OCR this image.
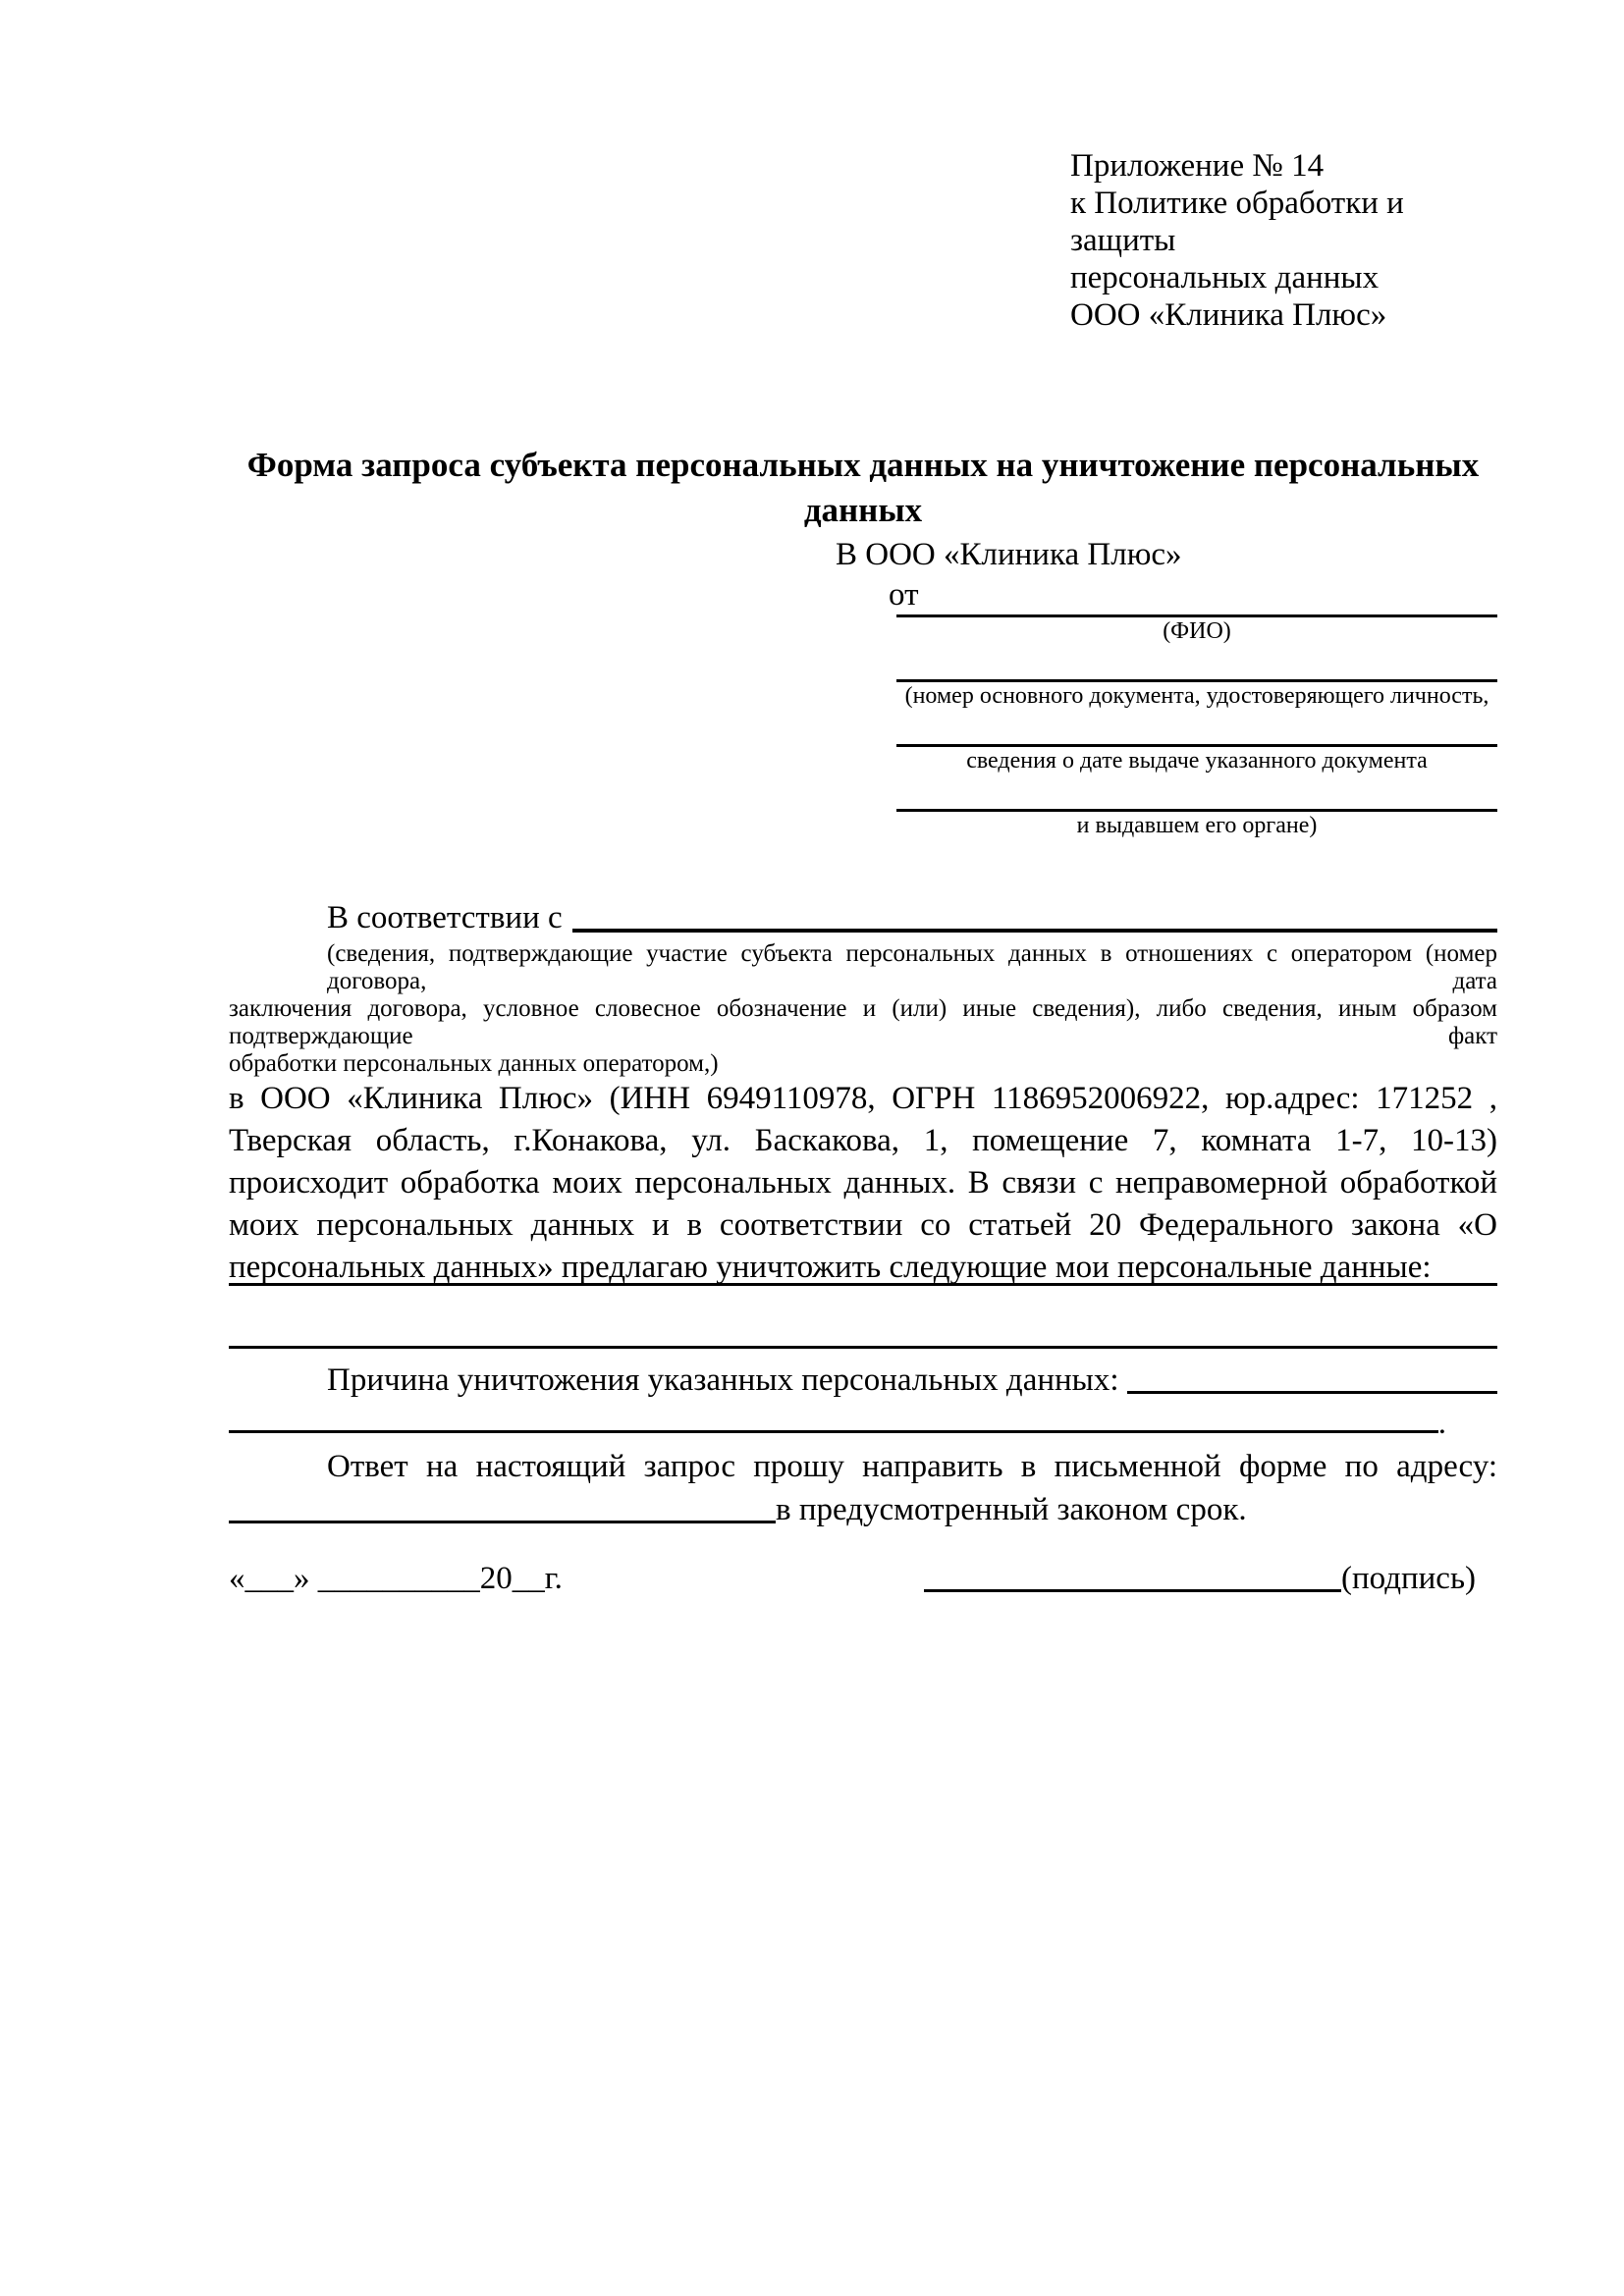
Приложение № 14
к Политике обработки и защиты
персональных данных
ООО «Клиника Плюс»
Форма запроса субъекта персональных данных на уничтожение персональных данных
В ООО «Клиника Плюс»
от
(ФИО)
(номер основного документа, удостоверяющего личность,
сведения о дате выдаче указанного документа
и выдавшем его органе)
В соответствии с
(сведения, подтверждающие участие субъекта персональных данных в отношениях с оператором (номер договора, дата
заключения договора, условное словесное обозначение и (или) иные сведения), либо сведения, иным образом подтверждающие факт
обработки персональных данных оператором,)
в ООО «Клиника Плюс» (ИНН 6949110978, ОГРН 1186952006922, юр.адрес: 171252 ,
Тверская область, г.Конакова, ул. Баскакова, 1, помещение 7, комната 1-7, 10-13)
происходит обработка моих персональных данных. В связи с неправомерной обработкой
моих персональных данных и в соответствии со статьей 20 Федерального закона «О
персональных данных» предлагаю уничтожить следующие мои персональные данные:
Причина уничтожения указанных персональных данных:
.
Ответ на настоящий запрос прошу направить в письменной форме по адресу:
в предусмотренный законом срок.
«___» __________20__г.	(подпись)
